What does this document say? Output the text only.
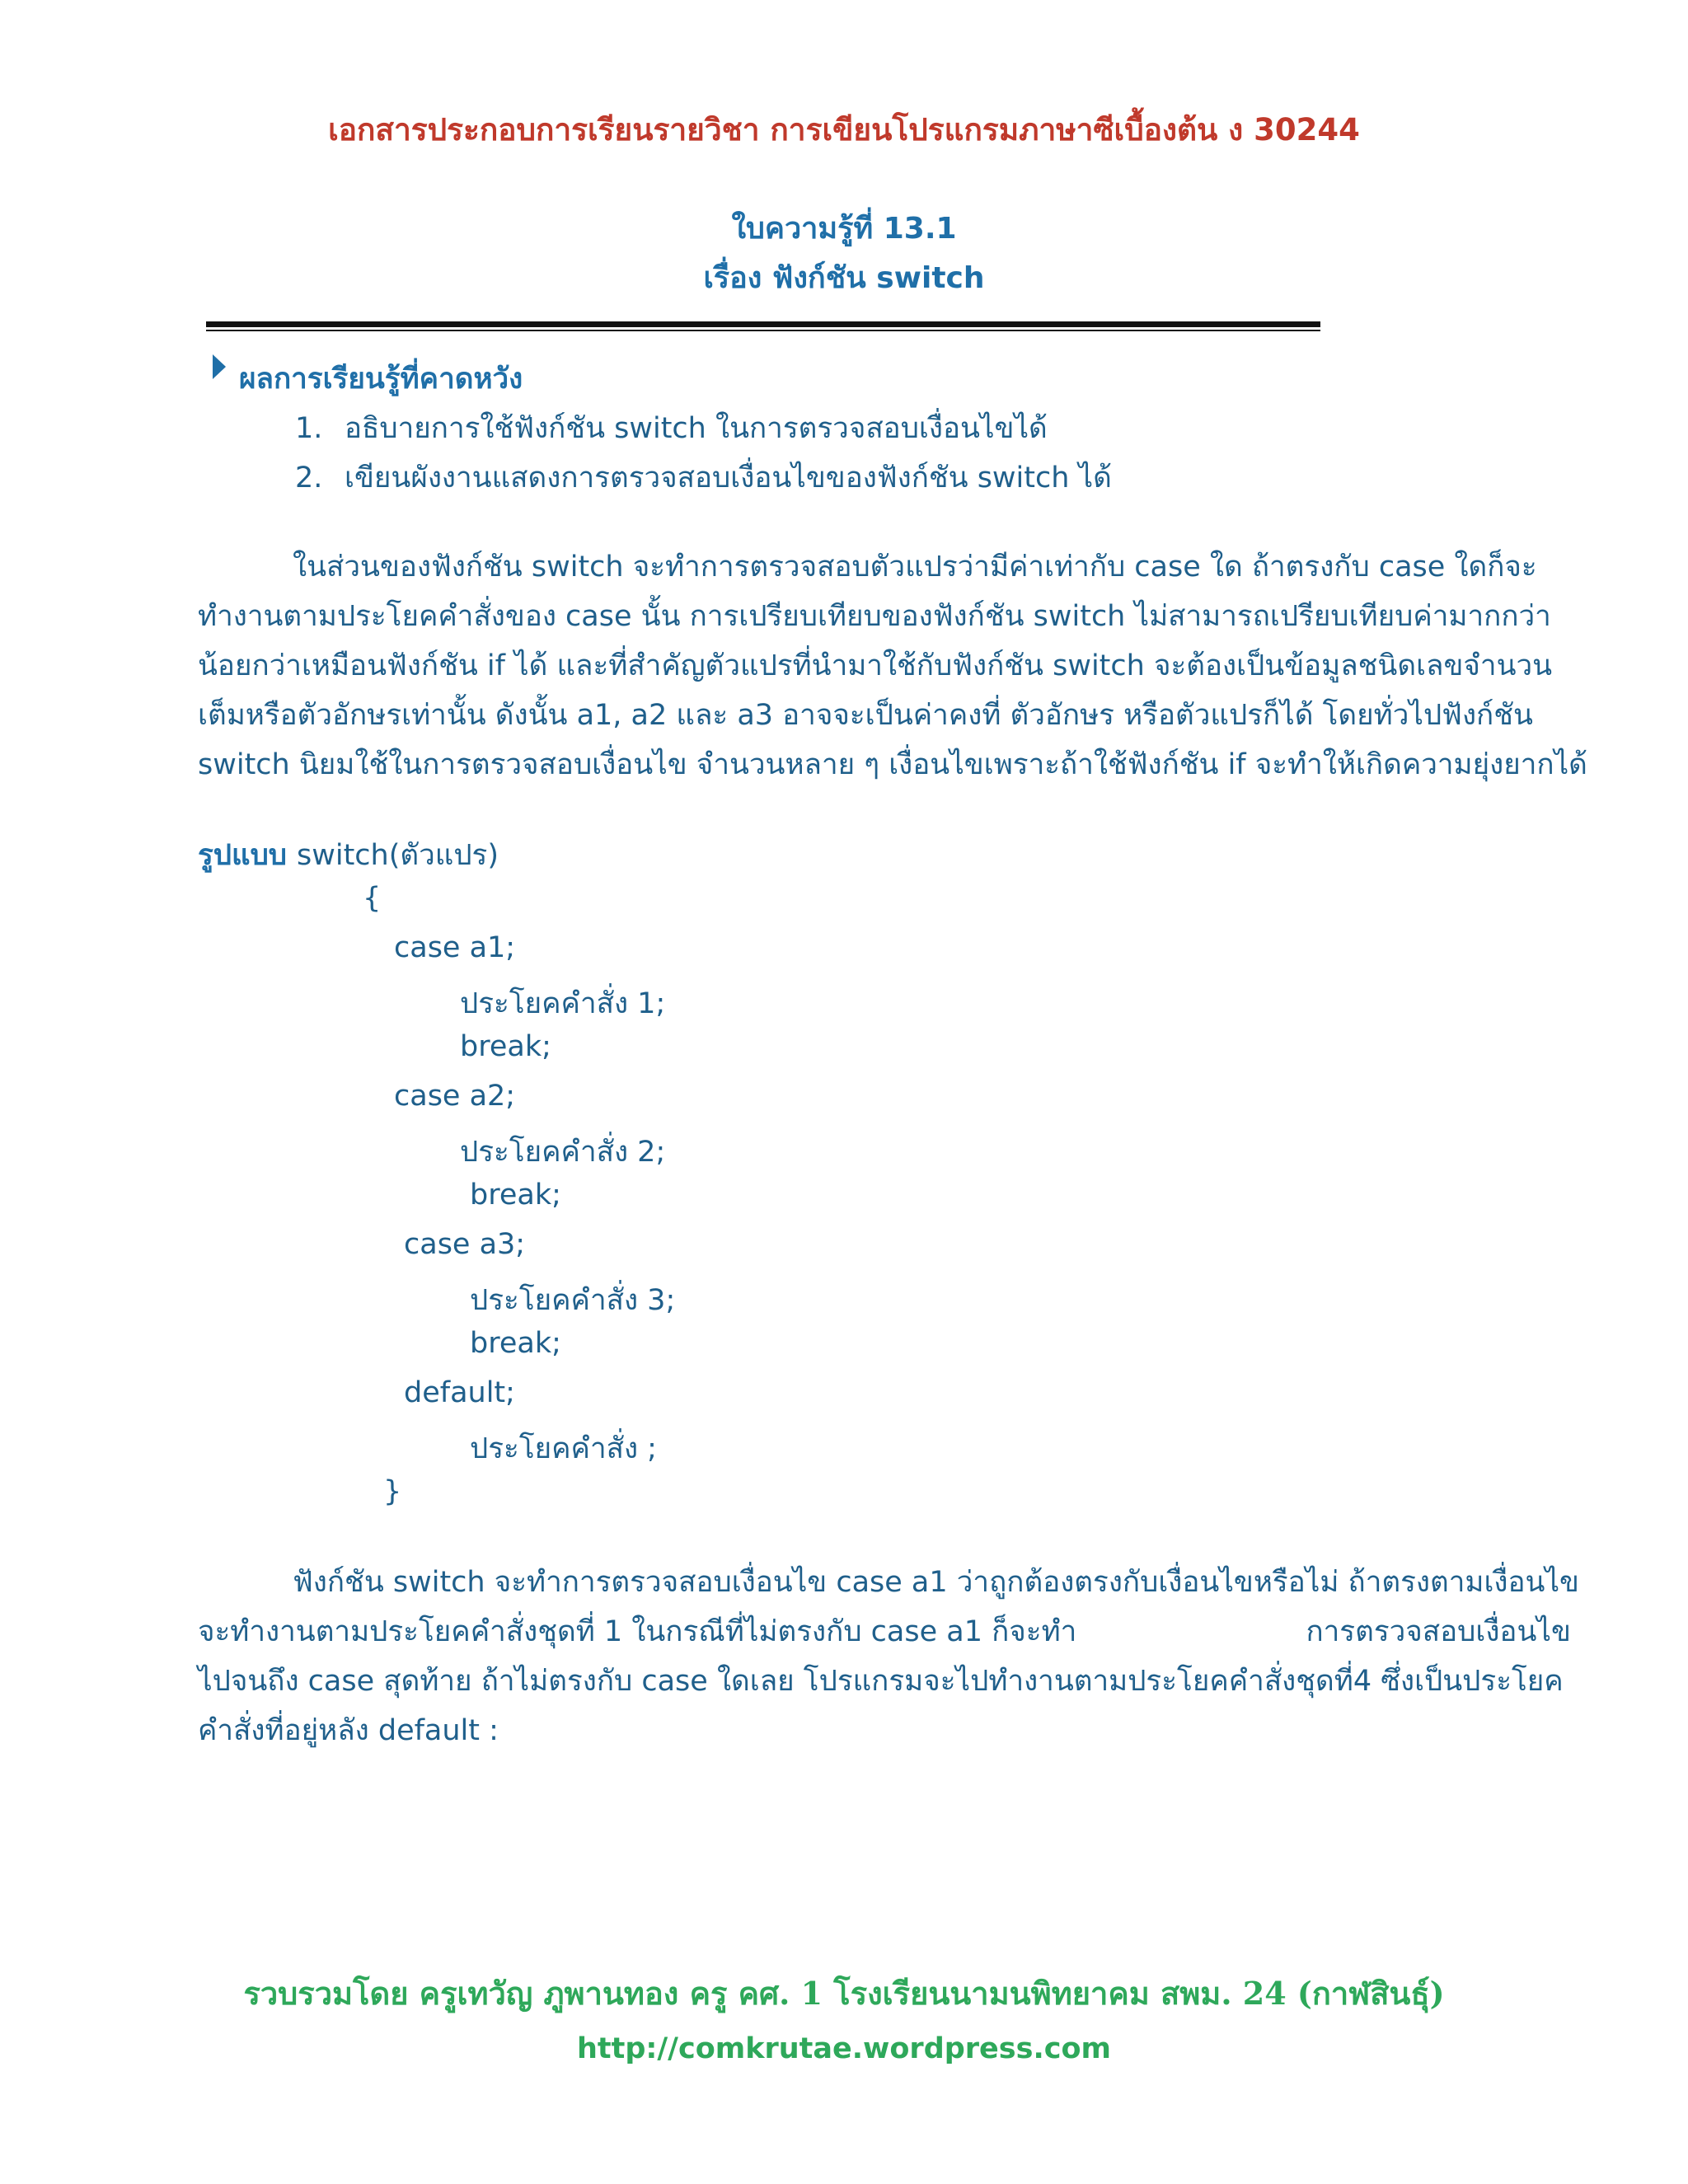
เอกสารประกอบการเรียนรายวิชา การเขียนโปรแกรมภาษาซีเบื้องต้น ง 30244
ใบความรู้ที่ 13.1
เรื่อง ฟังก์ชัน switch
ผลการเรียนรู้ที่คาดหวัง
1. อธิบายการใช้ฟังก์ชัน switch ในการตรวจสอบเงื่อนไขได้
2. เขียนผังงานแสดงการตรวจสอบเงื่อนไขของฟังก์ชัน switch ได้
ในส่วนของฟังก์ชัน switch จะทำการตรวจสอบตัวแปรว่ามีค่าเท่ากับ case ใด ถ้าตรงกับ case ใดก็จะ
ทำงานตามประโยคคำสั่งของ case นั้น การเปรียบเทียบของฟังก์ชัน switch ไม่สามารถเปรียบเทียบค่ามากกว่า
น้อยกว่าเหมือนฟังก์ชัน if ได้ และที่สำคัญตัวแปรที่นำมาใช้กับฟังก์ชัน switch จะต้องเป็นข้อมูลชนิดเลขจำนวน
เต็มหรือตัวอักษรเท่านั้น ดังนั้น a1, a2 และ a3 อาจจะเป็นค่าคงที่ ตัวอักษร หรือตัวแปรก็ได้ โดยทั่วไปฟังก์ชัน
switch นิยมใช้ในการตรวจสอบเงื่อนไข จำนวนหลาย ๆ เงื่อนไขเพราะถ้าใช้ฟังก์ชัน if จะทำให้เกิดความยุ่งยากได้
รูปแบบ switch(ตัวแปร)
{
case a1;
ประโยคคำสั่ง 1;
break;
case a2;
ประโยคคำสั่ง 2;
break;
case a3;
ประโยคคำสั่ง 3;
break;
default;
ประโยคคำสั่ง ;
}
ฟังก์ชัน switch จะทำการตรวจสอบเงื่อนไข case a1 ว่าถูกต้องตรงกับเงื่อนไขหรือไม่ ถ้าตรงตามเงื่อนไข
จะทำงานตามประโยคคำสั่งชุดที่ 1 ในกรณีที่ไม่ตรงกับ case a1 ก็จะทำ                         การตรวจสอบเงื่อนไข
ไปจนถึง case สุดท้าย ถ้าไม่ตรงกับ case ใดเลย โปรแกรมจะไปทำงานตามประโยคคำสั่งชุดที่4 ซึ่งเป็นประโยค
คำสั่งที่อยู่หลัง default :
รวบรวมโดย ครูเทวัญ ภูพานทอง ครู คศ. 1 โรงเรียนนามนพิทยาคม สพม. 24 (กาฬสินธุ์)
http://comkrutae.wordpress.com
